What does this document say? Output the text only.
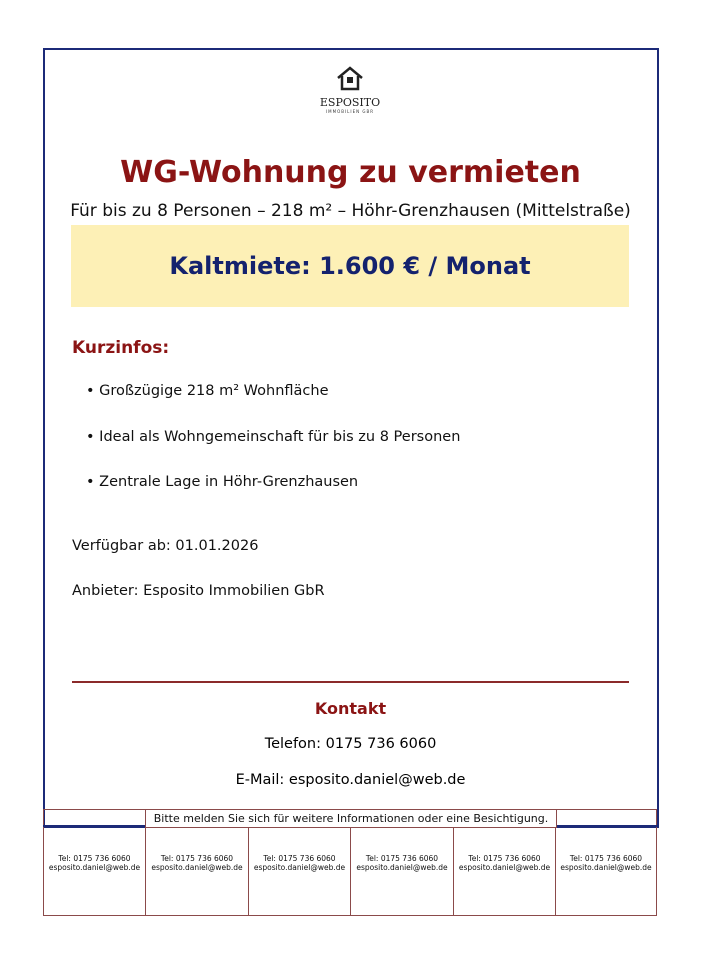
ESPOSITO
IMMOBILIEN GBR
WG-Wohnung zu vermieten
Für bis zu 8 Personen – 218 m² – Höhr-Grenzhausen (Mittelstraße)
Kaltmiete: 1.600 € / Monat
Kurzinfos:
• Großzügige 218 m² Wohnfläche
• Ideal als Wohngemeinschaft für bis zu 8 Personen
• Zentrale Lage in Höhr-Grenzhausen
Verfügbar ab: 01.01.2026
Anbieter: Esposito Immobilien GbR
Kontakt
Telefon: 0175 736 6060
E-Mail: esposito.daniel@web.de
Tel: 0175 736 6060
esposito.daniel@web.de
Tel: 0175 736 6060
esposito.daniel@web.de
Tel: 0175 736 6060
esposito.daniel@web.de
Tel: 0175 736 6060
esposito.daniel@web.de
Tel: 0175 736 6060
esposito.daniel@web.de
Tel: 0175 736 6060
esposito.daniel@web.de
Bitte melden Sie sich für weitere Informationen oder eine Besichtigung.
